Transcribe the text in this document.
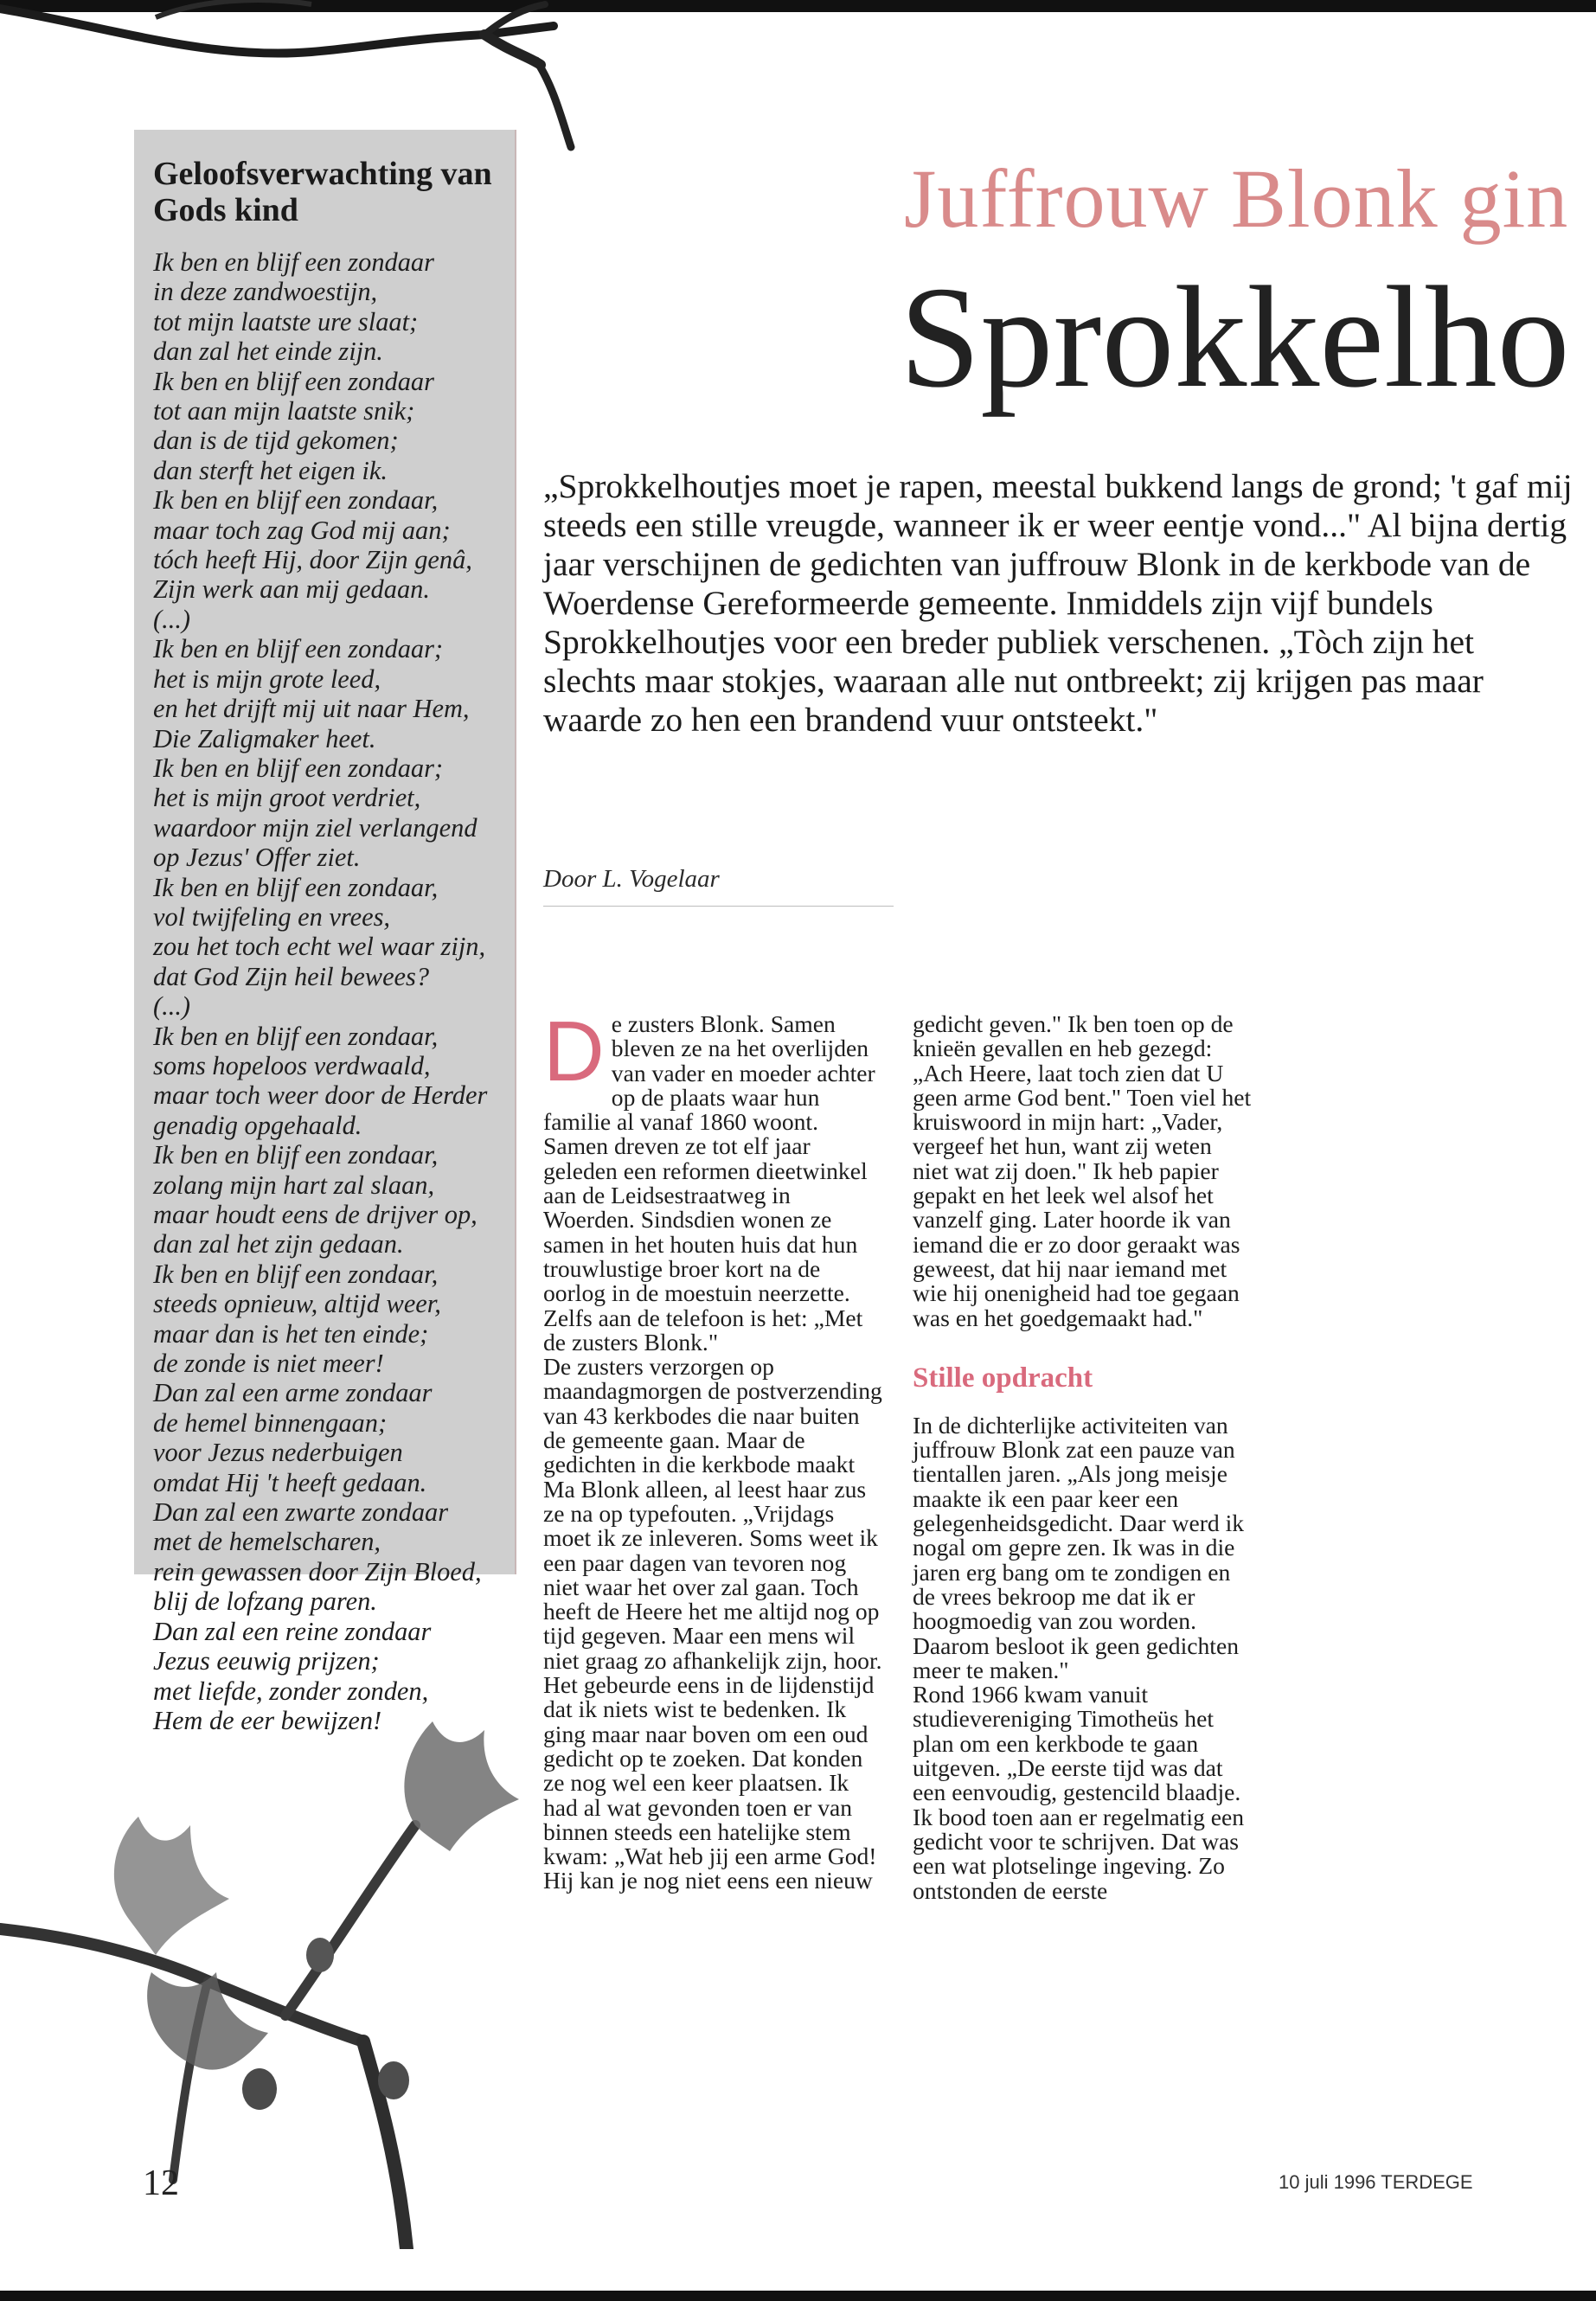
Geloofsverwachting van Gods kind
Ik ben en blijf een zondaar
in deze zandwoestijn,
tot mijn laatste ure slaat;
dan zal het einde zijn.
Ik ben en blijf een zondaar
tot aan mijn laatste snik;
dan is de tijd gekomen;
dan sterft het eigen ik.
Ik ben en blijf een zondaar,
maar toch zag God mij aan;
tóch heeft Hij, door Zijn genâ,
Zijn werk aan mij gedaan.
(...)
Ik ben en blijf een zondaar;
het is mijn grote leed,
en het drijft mij uit naar Hem,
Die Zaligmaker heet.
Ik ben en blijf een zondaar;
het is mijn groot verdriet,
waardoor mijn ziel verlangend
op Jezus' Offer ziet.
Ik ben en blijf een zondaar,
vol twijfeling en vrees,
zou het toch echt wel waar zijn,
dat God Zijn heil bewees?
(...)
Ik ben en blijf een zondaar,
soms hopeloos verdwaald,
maar toch weer door de Herder
genadig opgehaald.
Ik ben en blijf een zondaar,
zolang mijn hart zal slaan,
maar houdt eens de drijver op,
dan zal het zijn gedaan.
Ik ben en blijf een zondaar,
steeds opnieuw, altijd weer,
maar dan is het ten einde;
de zonde is niet meer!
Dan zal een arme zondaar
de hemel binnengaan;
voor Jezus nederbuigen
omdat Hij 't heeft gedaan.
Dan zal een zwarte zondaar
met de hemelscharen,
rein gewassen door Zijn Bloed,
blij de lofzang paren.
Dan zal een reine zondaar
Jezus eeuwig prijzen;
met liefde, zonder zonden,
Hem de eer bewijzen!
Juffrouw Blonk gin
Sprokkelho
„Sprokkelhoutjes moet je rapen, meestal bukkend langs de grond; 't gaf mij steeds een stille vreugde, wanneer ik er weer eentje vond..." Al bijna dertig jaar verschijnen de gedichten van juffrouw Blonk in de kerkbode van de Woerdense Gereformeerde gemeente. Inmiddels zijn vijf bundels Sprokkelhoutjes voor een breder publiek verschenen. „Tòch zijn het slechts maar stokjes, waaraan alle nut ontbreekt; zij krijgen pas maar waarde zo hen een brandend vuur ontsteekt."
Door L. Vogelaar
D e zusters Blonk. Samen bleven ze na het overlijden van vader en moeder achter op de plaats waar hun familie al vanaf 1860 woont. Samen dreven ze tot elf jaar geleden een reformen dieetwinkel aan de Leidsestraatweg in Woerden. Sindsdien wonen ze samen in het houten huis dat hun trouwlustige broer kort na de oorlog in de moestuin neerzette. Zelfs aan de telefoon is het: „Met de zusters Blonk."

De zusters verzorgen op maandagmorgen de postverzending van 43 kerkbodes die naar buiten de gemeente gaan. Maar de gedichten in die kerkbode maakt Ma Blonk alleen, al leest haar zus ze na op typefouten. „Vrijdags moet ik ze inleveren. Soms weet ik een paar dagen van tevoren nog niet waar het over zal gaan. Toch heeft de Heere het me altijd nog op tijd gegeven. Maar een mens wil niet graag zo afhankelijk zijn, hoor.

Het gebeurde eens in de lijdenstijd dat ik niets wist te bedenken. Ik ging maar naar boven om een oud gedicht op te zoeken. Dat konden ze nog wel een keer plaatsen. Ik had al wat gevonden toen er van binnen steeds een hatelijke stem kwam: „Wat heb jij een arme God! Hij kan je nog niet eens een nieuw

gedicht geven." Ik ben toen op de knieën gevallen en heb gezegd: „Ach Heere, laat toch zien dat U geen arme God bent." Toen viel het kruiswoord in mijn hart: „Vader, vergeef het hun, want zij weten niet wat zij doen." Ik heb papier gepakt en het leek wel alsof het vanzelf ging. Later hoorde ik van iemand die er zo door geraakt was geweest, dat hij naar iemand met wie hij onenigheid had toe gegaan was en het goedgemaakt had."

Stille opdracht

In de dichterlijke activiteiten van juffrouw Blonk zat een pauze van tientallen jaren. „Als jong meisje maakte ik een paar keer een gelegenheidsgedicht. Daar werd ik nogal om gepre zen. Ik was in die jaren erg bang om te zondigen en de vrees bekroop me dat ik er hoogmoedig van zou worden. Daarom besloot ik geen gedichten meer te maken."

Rond 1966 kwam vanuit studievereniging Timotheüs het plan om een kerkbode te gaan uitgeven. „De eerste tijd was dat een eenvoudig, gestencild blaadje. Ik bood toen aan er regelmatig een gedicht voor te schrijven. Dat was een wat plotselinge ingeving. Zo ontstonden de eerste

12	10 juli 1996 TERDEGE
